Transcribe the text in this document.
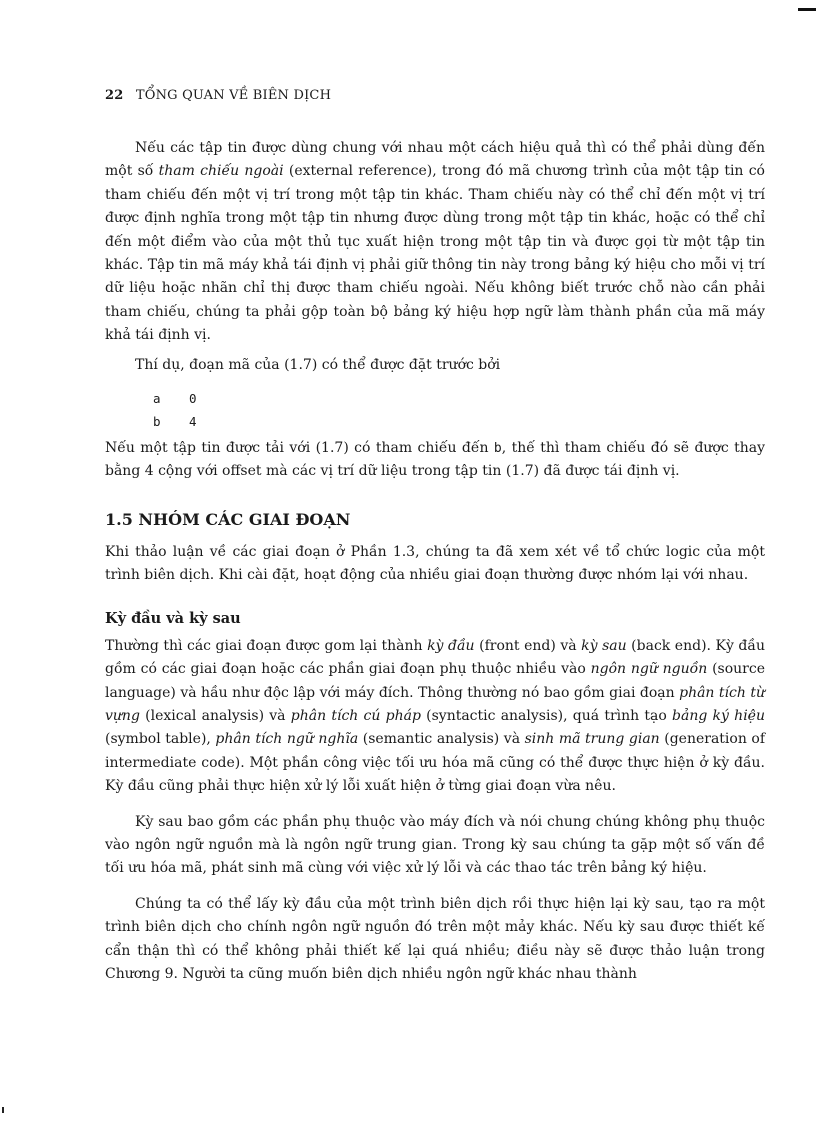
22 TỔNG QUAN VỀ BIÊN DỊCH

Nếu các tập tin được dùng chung với nhau một cách hiệu quả thì có thể phải dùng đến một số tham chiếu ngoài (external reference), trong đó mã chương trình của một tập tin có tham chiếu đến một vị trí trong một tập tin khác. Tham chiếu này có thể chỉ đến một vị trí được định nghĩa trong một tập tin nhưng được dùng trong một tập tin khác, hoặc có thể chỉ đến một điểm vào của một thủ tục xuất hiện trong một tập tin và được gọi từ một tập tin khác. Tập tin mã máy khả tái định vị phải giữ thông tin này trong bảng ký hiệu cho mỗi vị trí dữ liệu hoặc nhãn chỉ thị được tham chiếu ngoài. Nếu không biết trước chỗ nào cần phải tham chiếu, chúng ta phải gộp toàn bộ bảng ký hiệu hợp ngữ làm thành phần của mã máy khả tái định vị.

Thí dụ, đoạn mã của (1.7) có thể được đặt trước bởi

a	0
b	4

Nếu một tập tin được tải với (1.7) có tham chiếu đến b, thế thì tham chiếu đó sẽ được thay bằng 4 cộng với offset mà các vị trí dữ liệu trong tập tin (1.7) đã được tái định vị.

1.5 NHÓM CÁC GIAI ĐOẠN

Khi thảo luận về các giai đoạn ở Phần 1.3, chúng ta đã xem xét về tổ chức logic của một trình biên dịch. Khi cài đặt, hoạt động của nhiều giai đoạn thường được nhóm lại với nhau.

Kỳ đầu và kỳ sau

Thường thì các giai đoạn được gom lại thành kỳ đầu (front end) và kỳ sau (back end). Kỳ đầu gồm có các giai đoạn hoặc các phần giai đoạn phụ thuộc nhiều vào ngôn ngữ nguồn (source language) và hầu như độc lập với máy đích. Thông thường nó bao gồm giai đoạn phân tích từ vựng (lexical analysis) và phân tích cú pháp (syntactic analysis), quá trình tạo bảng ký hiệu (symbol table), phân tích ngữ nghĩa (semantic analysis) và sinh mã trung gian (generation of intermediate code). Một phần công việc tối ưu hóa mã cũng có thể được thực hiện ở kỳ đầu. Kỳ đầu cũng phải thực hiện xử lý lỗi xuất hiện ở từng giai đoạn vừa nêu.

Kỳ sau bao gồm các phần phụ thuộc vào máy đích và nói chung chúng không phụ thuộc vào ngôn ngữ nguồn mà là ngôn ngữ trung gian. Trong kỳ sau chúng ta gặp một số vấn đề tối ưu hóa mã, phát sinh mã cùng với việc xử lý lỗi và các thao tác trên bảng ký hiệu.

Chúng ta có thể lấy kỳ đầu của một trình biên dịch rồi thực hiện lại kỳ sau, tạo ra một trình biên dịch cho chính ngôn ngữ nguồn đó trên một mảy khác. Nếu kỳ sau được thiết kế cẩn thận thì có thể không phải thiết kế lại quá nhiều; điều này sẽ được thảo luận trong Chương 9. Người ta cũng muốn biên dịch nhiều ngôn ngữ khác nhau thành
